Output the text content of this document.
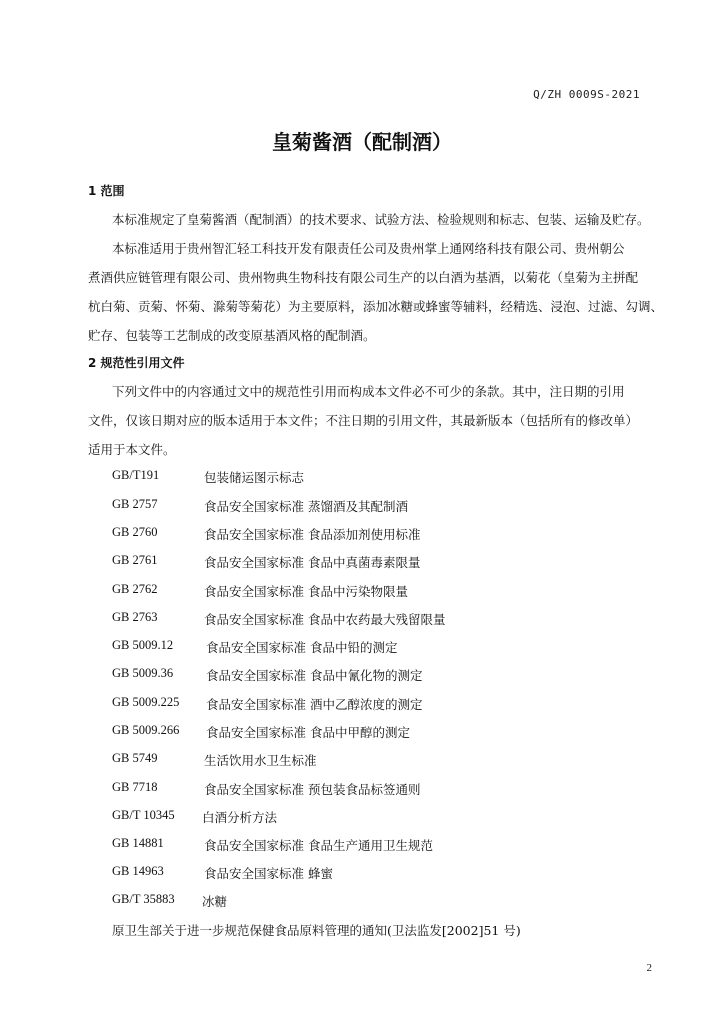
Q/ZH 0009S-2021
皇菊酱酒（配制酒）
1 范围
本标准规定了皇菊酱酒（配制酒）的技术要求、试验方法、检验规则和标志、包装、运输及贮存。
本标准适用于贵州智汇轻工科技开发有限责任公司及贵州掌上通网络科技有限公司、贵州朝公
煮酒供应链管理有限公司、贵州物典生物科技有限公司生产的以白酒为基酒，以菊花（皇菊为主拼配
杭白菊、贡菊、怀菊、滁菊等菊花）为主要原料，添加冰糖或蜂蜜等辅料，经精选、浸泡、过滤、勾调、
贮存、包装等工艺制成的改变原基酒风格的配制酒。
2 规范性引用文件
下列文件中的内容通过文中的规范性引用而构成本文件必不可少的条款。其中，注日期的引用
文件，仅该日期对应的版本适用于本文件；不注日期的引用文件，其最新版本（包括所有的修改单）
适用于本文件。
GB/T191	包装储运图示标志
GB 2757	食品安全国家标准 蒸馏酒及其配制酒
GB 2760	食品安全国家标准 食品添加剂使用标准
GB 2761	食品安全国家标准 食品中真菌毒素限量
GB 2762	食品安全国家标准 食品中污染物限量
GB 2763	食品安全国家标准 食品中农药最大残留限量
GB 5009.12	食品安全国家标准 食品中铅的测定
GB 5009.36	食品安全国家标准 食品中氰化物的测定
GB 5009.225 食品安全国家标准 酒中乙醇浓度的测定
GB 5009.266 食品安全国家标准 食品中甲醇的测定
GB 5749	生活饮用水卫生标准
GB 7718	食品安全国家标准 预包装食品标签通则
GB/T 10345 白酒分析方法
GB 14881	食品安全国家标准 食品生产通用卫生规范
GB 14963	食品安全国家标准 蜂蜜
GB/T 35883 冰糖
原卫生部关于进一步规范保健食品原料管理的通知(卫法监发[2002]51 号)
2
